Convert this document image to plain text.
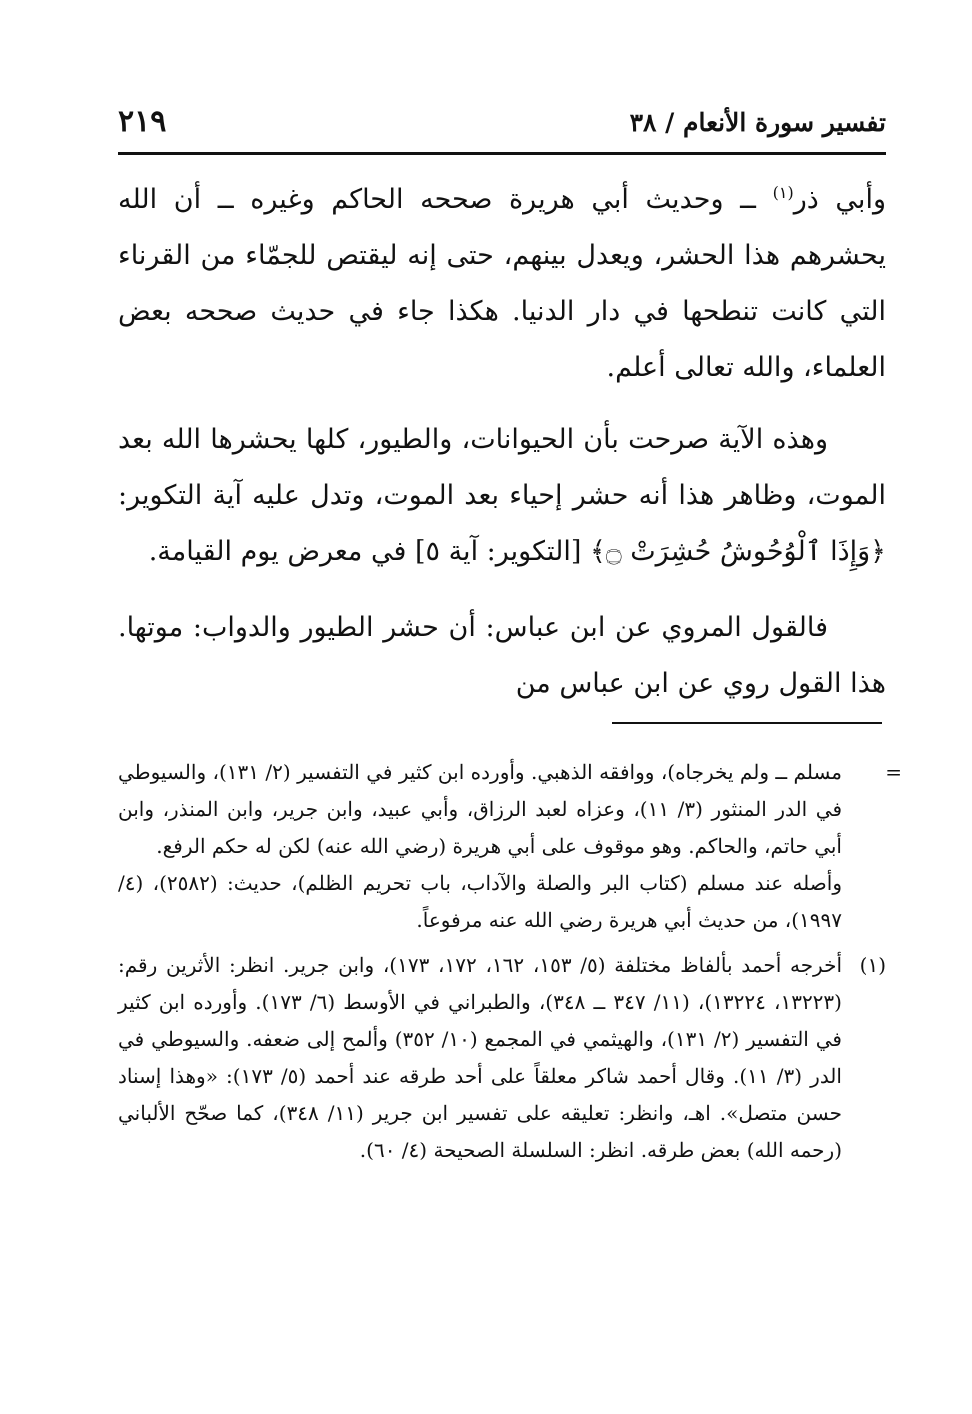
تفسير سورة الأنعام / ٣٨
٢١٩

وأبي ذر$^{(١)}$ ــ وحديث أبي هريرة صححه الحاكم وغيره ــ أن الله يحشرهم هذا الحشر، ويعدل بينهم، حتى إنه ليقتص للجمّاء من القرناء التي كانت تنطحها في دار الدنيا. هكذا جاء في حديث صححه بعض العلماء، والله تعالى أعلم.

وهذه الآية صرحت بأن الحيوانات، والطيور، كلها يحشرها الله بعد الموت، وظاهر هذا أنه حشر إحياء بعد الموت، وتدل عليه آية التكوير: ﴿وَإِذَا ٱلْوُحُوشُ حُشِرَتْ ۝﴾ [التكوير: آية ٥] في معرض يوم القيامة.

فالقول المروي عن ابن عباس: أن حشر الطيور والدواب: موتها. هذا القول روي عن ابن عباس من

=

مسلم ــ ولم يخرجاه)، ووافقه الذهبي. وأورده ابن كثير في التفسير (٢/ ١٣١)، والسيوطي في الدر المنثور (٣/ ١١)، وعزاه لعبد الرزاق، وأبي عبيد، وابن جرير، وابن المنذر، وابن أبي حاتم، والحاكم. وهو موقوف على أبي هريرة (رضي الله عنه) لكن له حكم الرفع.

وأصله عند مسلم (كتاب البر والصلة والآداب، باب تحريم الظلم)، حديث: (٢٥٨٢)، (٤/ ١٩٩٧)، من حديث أبي هريرة رضي الله عنه مرفوعاً.

(١)

أخرجه أحمد بألفاظ مختلفة (٥/ ١٥٣، ١٦٢، ١٧٢، ١٧٣)، وابن جرير. انظر: الأثرين رقم: (١٣٢٢٣، ١٣٢٢٤)، (١١/ ٣٤٧ ــ ٣٤٨)، والطبراني في الأوسط (٦/ ١٧٣). وأورده ابن كثير في التفسير (٢/ ١٣١)، والهيثمي في المجمع (١٠/ ٣٥٢) وألمح إلى ضعفه. والسيوطي في الدر (٣/ ١١). وقال أحمد شاكر معلقاً على أحد طرقه عند أحمد (٥/ ١٧٣): «وهذا إسناد حسن متصل». اهـ، وانظر: تعليقه على تفسير ابن جرير (١١/ ٣٤٨)، كما صحّح الألباني (رحمه الله) بعض طرقه. انظر: السلسلة الصحيحة (٤/ ٦٠).
